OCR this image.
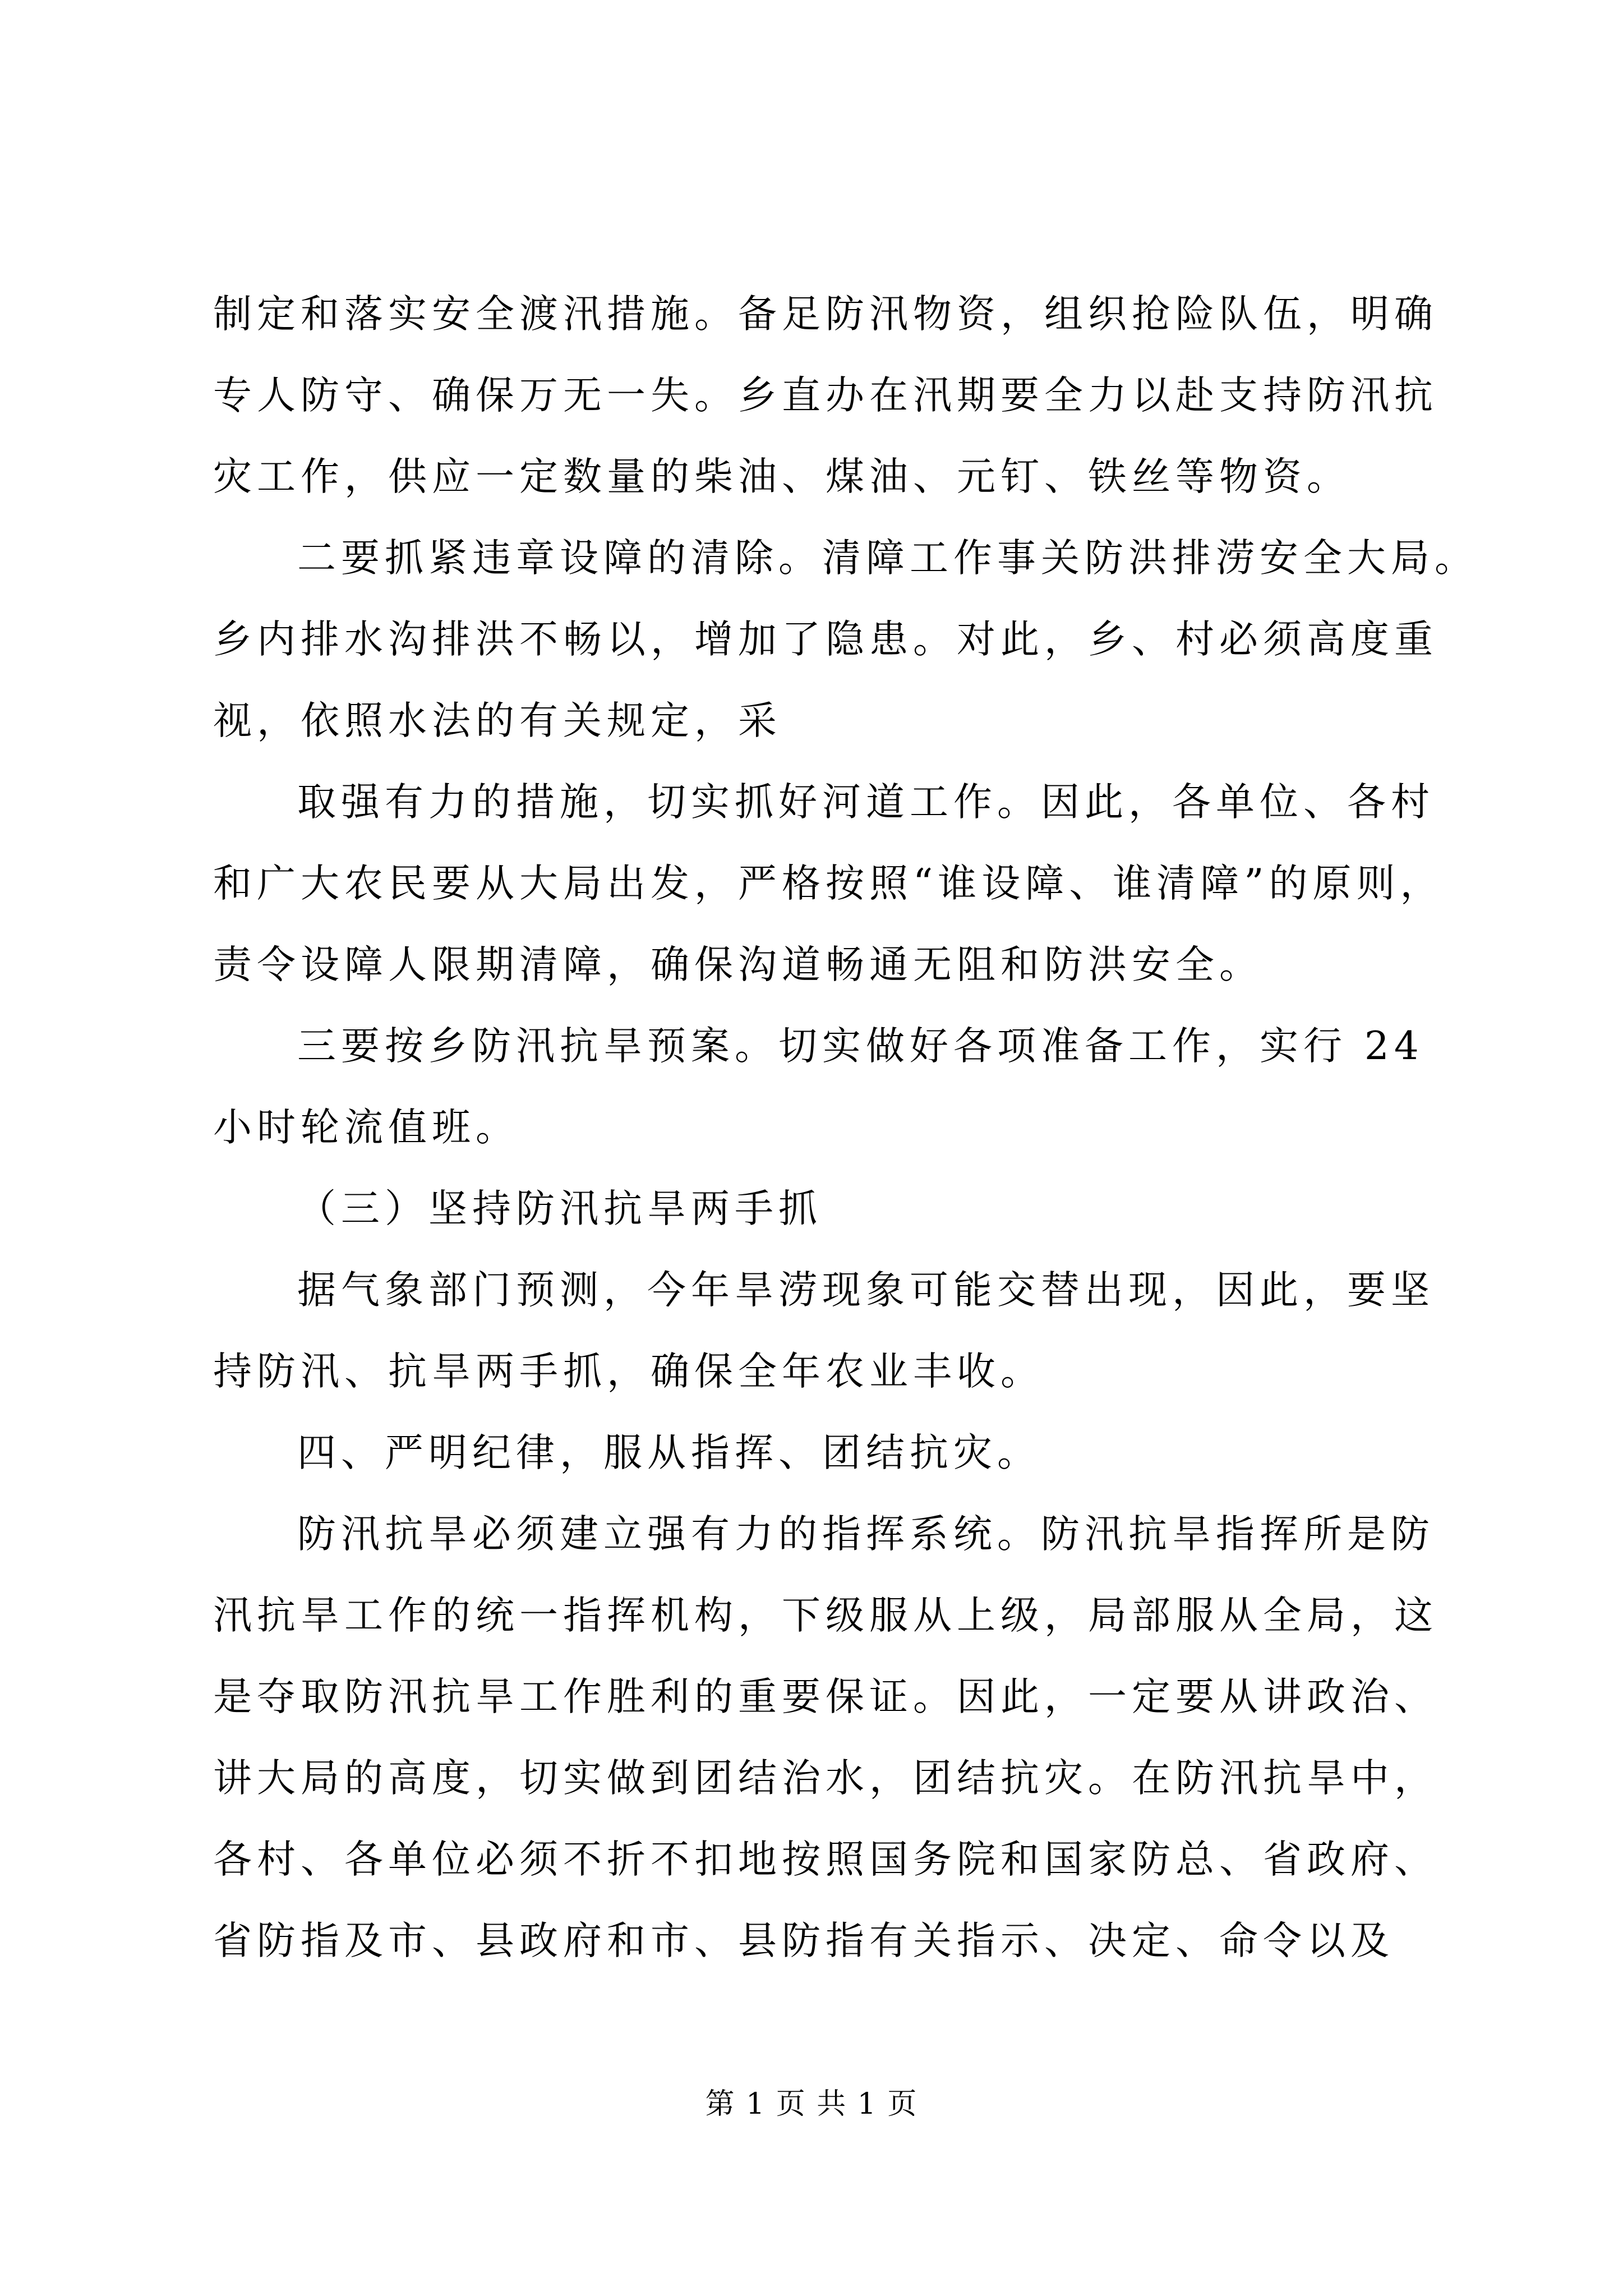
制定和落实安全渡汛措施。备足防汛物资，组织抢险队伍，明确
专人防守、确保万无一失。乡直办在汛期要全力以赴支持防汛抗
灾工作，供应一定数量的柴油、煤油、元钉、铁丝等物资。

二要抓紧违章设障的清除。清障工作事关防洪排涝安全大局。
乡内排水沟排洪不畅以，增加了隐患。对此，乡、村必须高度重
视，依照水法的有关规定，采

取强有力的措施，切实抓好河道工作。因此，各单位、各村
和广大农民要从大局出发，严格按照“谁设障、谁清障”的原则，
责令设障人限期清障，确保沟道畅通无阻和防洪安全。

三要按乡防汛抗旱预案。切实做好各项准备工作，实行 24
小时轮流值班。

（三）坚持防汛抗旱两手抓

据气象部门预测，今年旱涝现象可能交替出现，因此，要坚
持防汛、抗旱两手抓，确保全年农业丰收。

四、严明纪律，服从指挥、团结抗灾。

防汛抗旱必须建立强有力的指挥系统。防汛抗旱指挥所是防
汛抗旱工作的统一指挥机构，下级服从上级，局部服从全局，这
是夺取防汛抗旱工作胜利的重要保证。因此，一定要从讲政治、
讲大局的高度，切实做到团结治水，团结抗灾。在防汛抗旱中，
各村、各单位必须不折不扣地按照国务院和国家防总、省政府、
省防指及市、县政府和市、县防指有关指示、决定、命令以及

第 1 页 共 1 页
